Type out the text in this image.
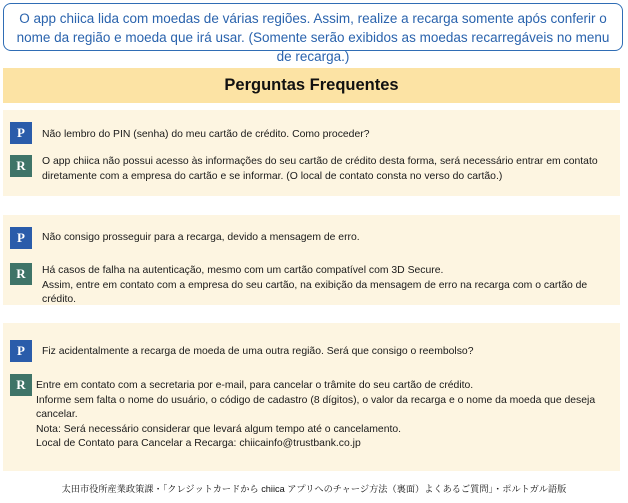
O app chiica lida com moedas de várias regiões. Assim, realize a recarga somente após conferir o nome da região e moeda que irá usar. (Somente serão exibidos as moedas recarregáveis no menu de recarga.)
Perguntas Frequentes
P	Não lembro do PIN (senha) do meu cartão de crédito. Como proceder?
R	O app chiica não possui acesso às informações do seu cartão de crédito desta forma, será necessário entrar em contato
diretamente com a empresa do cartão e se informar. (O local de contato consta no verso do cartão.)
P	Não consigo prosseguir para a recarga, devido a mensagem de erro.
R	Há casos de falha na autenticação, mesmo com um cartão compatível com 3D Secure.
Assim, entre em contato com a empresa do seu cartão, na exibição da mensagem de erro na recarga com o cartão de crédito.
P	Fiz acidentalmente a recarga de moeda de uma outra região. Será que consigo o reembolso?
R Entre em contato com a secretaria por e-mail, para cancelar o trâmite do seu cartão de crédito.
Informe sem falta o nome do usuário, o código de cadastro (8 dígitos), o valor da recarga e o nome da moeda que deseja
cancelar.
Nota: Será necessário considerar que levará algum tempo até o cancelamento.
Local de Contato para Cancelar a Recarga: chiicainfo@trustbank.co.jp
太田市役所産業政策課・「クレジットカードから chiica アプリへのチャージ方法（裏面）よくあるご質問」・ポルトガル語版
